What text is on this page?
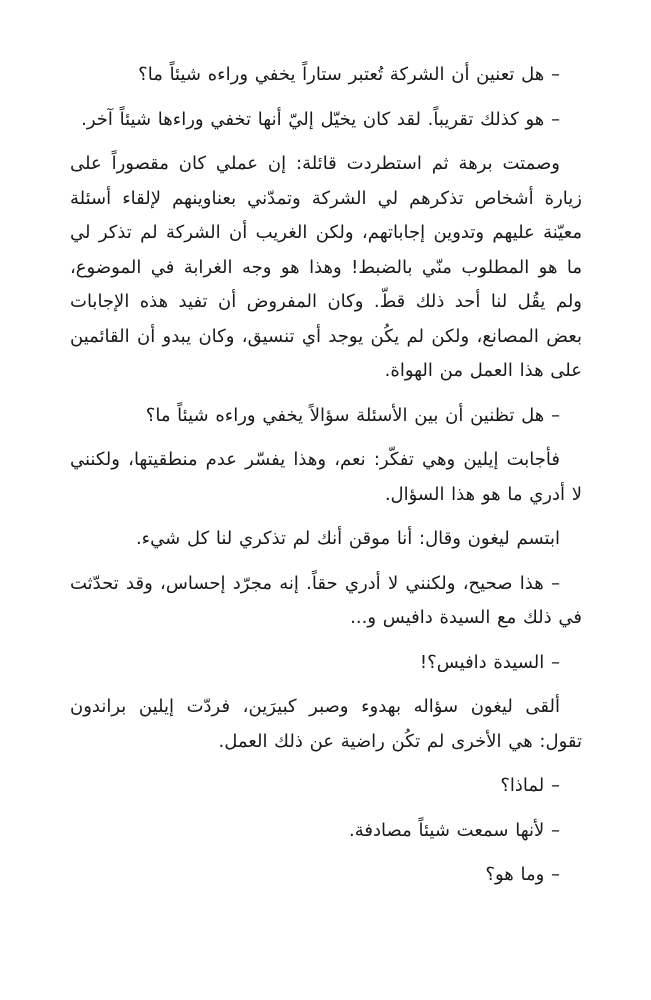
– هل تعنين أن الشركة تُعتبر ستاراً يخفي وراءه شيئاً ما؟

– هو كذلك تقريباً. لقد كان يخيّل إليّ أنها تخفي وراءها شيئاً آخر.

وصمتت برهة ثم استطردت قائلة: إن عملي كان مقصوراً على زيارة أشخاص تذكرهم لي الشركة وتمدّني بعناوينهم لإلقاء أسئلة معيّنة عليهم وتدوين إجاباتهم، ولكن الغريب أن الشركة لم تذكر لي ما هو المطلوب منّي بالضبط! وهذا هو وجه الغرابة في الموضوع، ولم يقُل لنا أحد ذلك قطّ. وكان المفروض أن تفيد هذه الإجابات بعض المصانع، ولكن لم يكُن يوجد أي تنسيق، وكان يبدو أن القائمين على هذا العمل من الهواة.

– هل تظنين أن بين الأسئلة سؤالاً يخفي وراءه شيئاً ما؟

فأجابت إيلين وهي تفكّر: نعم، وهذا يفسّر عدم منطقيتها، ولكنني لا أدري ما هو هذا السؤال.

ابتسم ليغون وقال: أنا موقن أنك لم تذكري لنا كل شيء.

– هذا صحيح، ولكنني لا أدري حقاً. إنه مجرّد إحساس، وقد تحدّثت في ذلك مع السيدة دافيس و...

– السيدة دافيس؟!

ألقى ليغون سؤاله بهدوء وصبر كبيرَين، فردّت إيلين براندون تقول: هي الأخرى لم تكُن راضية عن ذلك العمل.

– لماذا؟

– لأنها سمعت شيئاً مصادفة.

– وما هو؟
